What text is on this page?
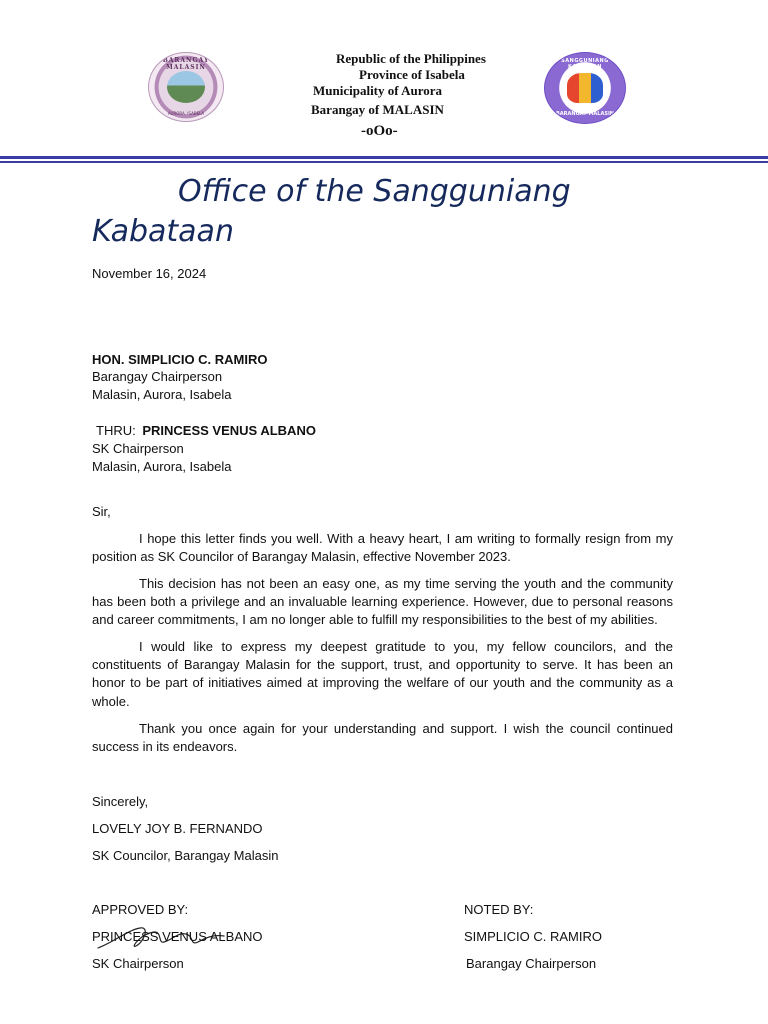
BARANGAY MALASIN
AURORA, ISABELA
SANGGUNIANG KABATAAN
BARANGAY MALASIN
Republic of the Philippines
Province of Isabela
Municipality of Aurora
Barangay of MALASIN
-oOo-
Office of the Sangguniang
Kabataan
November 16, 2024
HON. SIMPLICIO C. RAMIRO
Barangay Chairperson
Malasin, Aurora, Isabela
THRU: PRINCESS VENUS ALBANO
SK Chairperson
Malasin, Aurora, Isabela
Sir,
I hope this letter finds you well. With a heavy heart, I am writing to formally resign from my position as SK Councilor of Barangay Malasin, effective November 2023.
This decision has not been an easy one, as my time serving the youth and the community has been both a privilege and an invaluable learning experience. However, due to personal reasons and career commitments, I am no longer able to fulfill my responsibilities to the best of my abilities.
I would like to express my deepest gratitude to you, my fellow councilors, and the constituents of Barangay Malasin for the support, trust, and opportunity to serve. It has been an honor to be part of initiatives aimed at improving the welfare of our youth and the community as a whole.
Thank you once again for your understanding and support. I wish the council continued success in its endeavors.
Sincerely,
LOVELY JOY B. FERNANDO
SK Councilor, Barangay Malasin
APPROVED BY:	NOTED BY:
PRINCESS VENUS ALBANO	SIMPLICIO C. RAMIRO
SK Chairperson	Barangay Chairperson
